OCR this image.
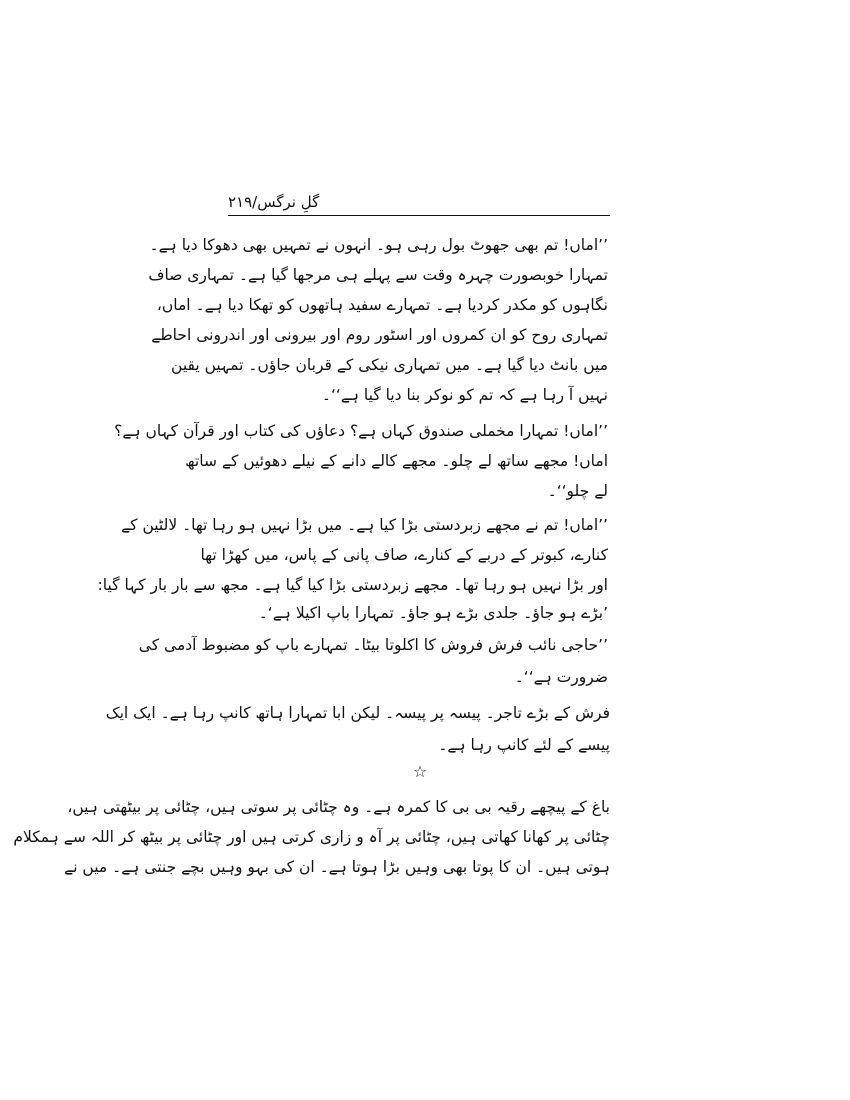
گلِ نرگس/٢١٩
’’اماں! تم بھی جھوٹ بول رہی ہو۔ انہوں نے تمہیں بھی دھوکا دیا ہے۔
تمہارا خوبصورت چہرہ وقت سے پہلے ہی مرجھا گیا ہے۔ تمہاری صاف
نگاہوں کو مکدر کردیا ہے۔ تمہارے سفید ہاتھوں کو تھکا دیا ہے۔ اماں،
تمہاری روح کو ان کمروں اور اسٹور روم اور بیرونی اور اندرونی احاطے
میں بانٹ دیا گیا ہے۔ میں تمہاری نیکی کے قربان جاؤں۔ تمہیں یقین
نہیں آ رہا ہے کہ تم کو نوکر بنا دیا گیا ہے‘‘۔
’’اماں! تمہارا مخملی صندوق کہاں ہے؟ دعاؤں کی کتاب اور قرآن کہاں ہے؟
اماں! مجھے ساتھ لے چلو۔ مجھے کالے دانے کے نیلے دھوئیں کے ساتھ
لے چلو‘‘۔
’’اماں! تم نے مجھے زبردستی بڑا کیا ہے۔ میں بڑا نہیں ہو رہا تھا۔ لالٹین کے
کنارے، کبوتر کے دربے کے کنارے، صاف پانی کے پاس، میں کھڑا تھا
اور بڑا نہیں ہو رہا تھا۔ مجھے زبردستی بڑا کیا گیا ہے۔ مجھ سے بار بار کہا گیا:
’بڑے ہو جاؤ۔ جلدی بڑے ہو جاؤ۔ تمہارا باپ اکیلا ہے‘۔
’’حاجی نائب فرش فروش کا اکلوتا بیٹا۔ تمہارے باپ کو مضبوط آدمی کی
ضرورت ہے‘‘۔
فرش کے بڑے تاجر۔ پیسہ پر پیسہ۔ لیکن ابا تمہارا ہاتھ کانپ رہا ہے۔ ایک ایک
پیسے کے لئے کانپ رہا ہے۔
☆
باغ کے پیچھے رقیہ بی بی کا کمرہ ہے۔ وہ چٹائی پر سوتی ہیں، چٹائی پر بیٹھتی ہیں،
چٹائی پر کھانا کھاتی ہیں، چٹائی پر آہ و زاری کرتی ہیں اور چٹائی پر بیٹھ کر اللہ سے ہمکلام
ہوتی ہیں۔ ان کا پوتا بھی وہیں بڑا ہوتا ہے۔ ان کی بہو وہیں بچے جنتی ہے۔ میں نے
